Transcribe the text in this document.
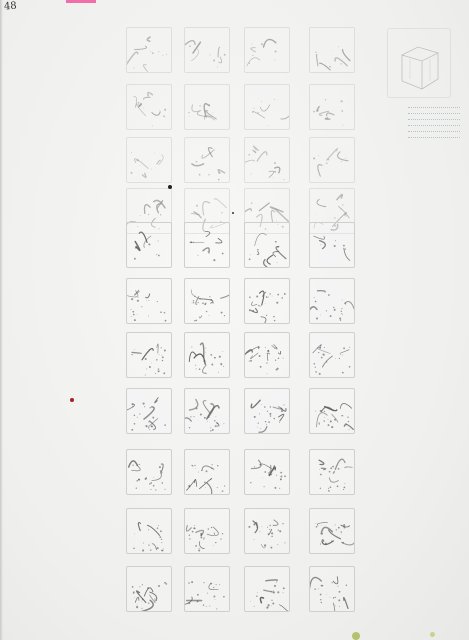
48
